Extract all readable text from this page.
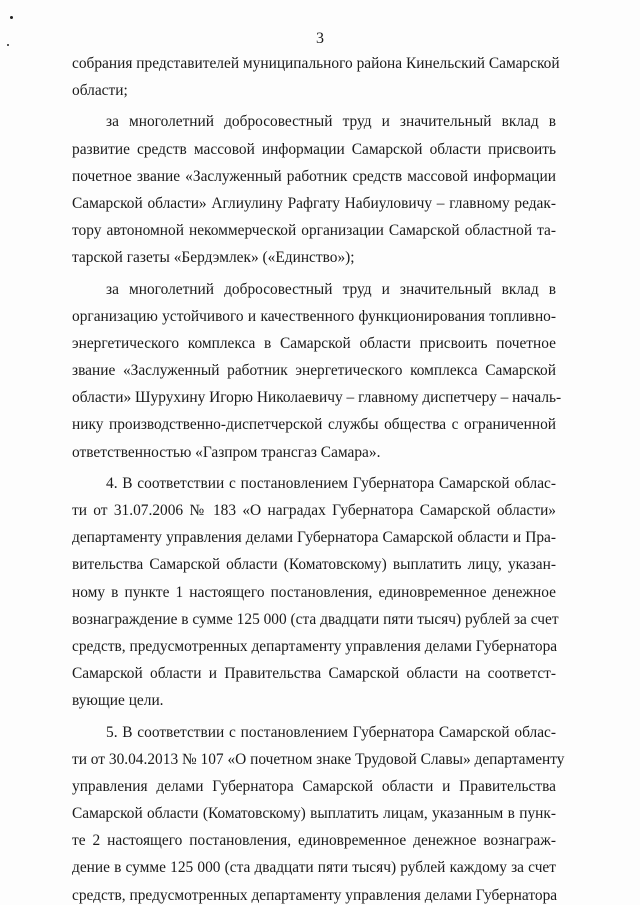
3
собрания представителей муниципального района Кинельский Самарской
области;
за многолетний добросовестный труд и значительный вклад в
развитие средств массовой информации Самарской области присвоить
почетное звание «Заслуженный работник средств массовой информации
Самарской области» Аглиулину Рафгату Набиуловичу – главному редак-
тору автономной некоммерческой организации Самарской областной та-
тарской газеты «Бердэмлек» («Единство»);
за многолетний добросовестный труд и значительный вклад в
организацию устойчивого и качественного функционирования топливно-
энергетического комплекса в Самарской области присвоить почетное
звание «Заслуженный работник энергетического комплекса Самарской
области» Шурухину Игорю Николаевичу – главному диспетчеру – началь-
нику производственно-диспетчерской службы общества с ограниченной
ответственностью «Газпром трансгаз Самара».
4. В соответствии с постановлением Губернатора Самарской облас-
ти от 31.07.2006 № 183 «О наградах Губернатора Самарской области»
департаменту управления делами Губернатора Самарской области и Пра-
вительства Самарской области (Коматовскому) выплатить лицу, указан-
ному в пункте 1 настоящего постановления, единовременное денежное
вознаграждение в сумме 125 000 (ста двадцати пяти тысяч) рублей за счет
средств, предусмотренных департаменту управления делами Губернатора
Самарской области и Правительства Самарской области на соответст-
вующие цели.
5. В соответствии с постановлением Губернатора Самарской облас-
ти от 30.04.2013 № 107 «О почетном знаке Трудовой Славы» департаменту
управления делами Губернатора Самарской области и Правительства
Самарской области (Коматовскому) выплатить лицам, указанным в пунк-
те 2 настоящего постановления, единовременное денежное вознаграж-
дение в сумме 125 000 (ста двадцати пяти тысяч) рублей каждому за счет
средств, предусмотренных департаменту управления делами Губернатора
